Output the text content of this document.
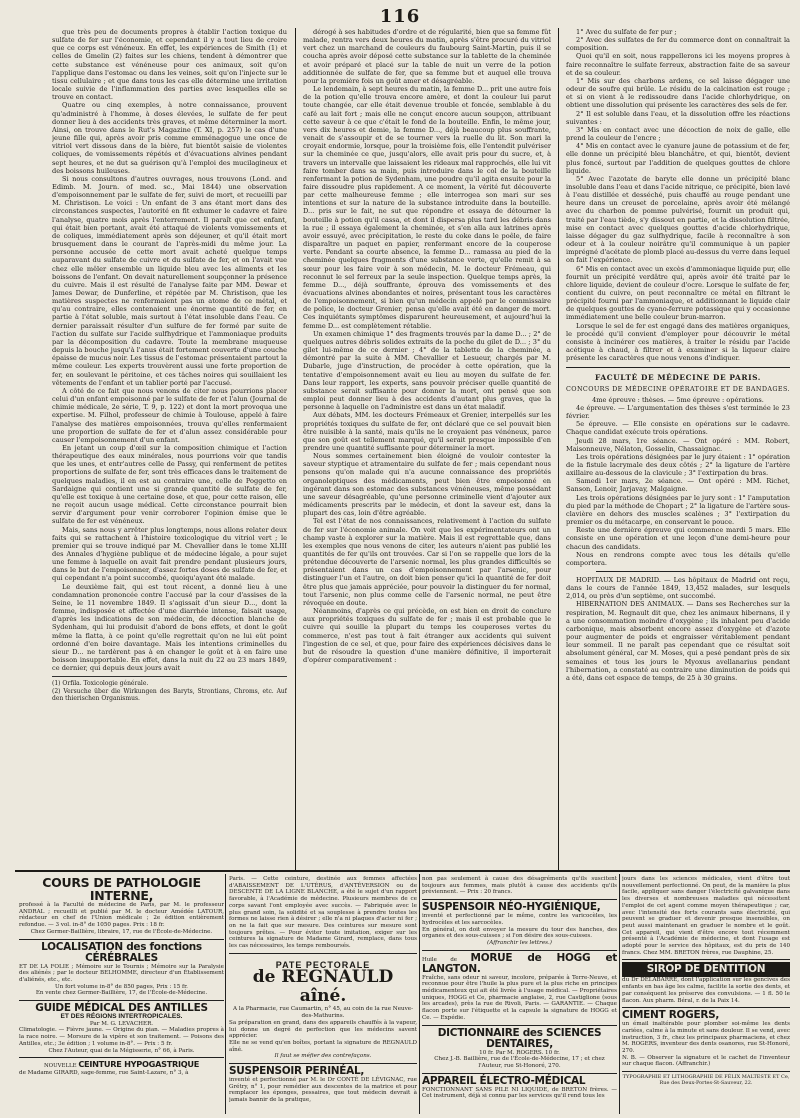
116

que très peu de documents propres à établir l'action toxique du sulfate de fer sur l'économie, et cependant il y a tout lieu de croire que ce corps est vénéneux. En effet, les expériences de Smith (1) et celles de Gmelin (2) faites sur les chiens, tendent à démontrer que cette substance est vénéneuse pour ces animaux, soit qu'on l'applique dans l'estomac ou dans les veines, soit qu'on l'injecte sur le tissu cellulaire ; et que dans tous les cas elle détermine une irritation locale suivie de l'inflammation des parties avec lesquelles elle se trouve en contact.

Quatre ou cinq exemples, à notre connaissance, prouvent qu'administré à l'homme, à doses élevées, le sulfate de fer peut donner lieu à des accidents très graves, et même déterminer la mort. Ainsi, on trouve dans le Rut's Magazine (T. XI, p. 257) le cas d'une jeune fille qui, après avoir pris comme emménagogue une once de vitriol vert dissous dans de la bière, fut bientôt saisie de violentes coliques, de vomissements répétés et d'évacuations alvines pendant sept heures, et ne dut sa guérison qu'à l'emploi des mucilagineux et des boissons huileuses.

Si nous consultons d'autres ouvrages, nous trouvons (Lond. and Edimb. M. Journ. of med. sc., Mai 1844) une observation d'empoisonnement par le sulfate de fer, suivi de mort, et recueilli par M. Christison. Le voici : Un enfant de 3 ans étant mort dans des circonstances suspectes, l'autorité en fit exhumer le cadavre et faire l'analyse, quatre mois après l'enterrement. Il paraît que cet enfant, qui était bien portant, avait été attaqué de violents vomissements et de coliques, immédiatement après son déjeuner, et qu'il était mort brusquement dans le courant de l'après-midi du même jour. La personne accusée de cette mort avait acheté quelque temps auparavant du sulfate de cuivre et du sulfate de fer, et on l'avait vue chez elle mêler ensemble un liquide bleu avec les aliments et les boissons de l'enfant. On devait naturellement soupçonner la présence du cuivre. Mais il est résulté de l'analyse faite par MM. Dewar et James Dewar, de Dunferline, et répétée par M. Christison, que les matières suspectes ne renfermaient pas un atome de ce métal, et qu'au contraire, elles contenaient une énorme quantité de fer, en partie à l'état soluble, mais surtout à l'état insoluble dans l'eau. Ce dernier paraissait résulter d'un sulfure de fer formé par suite de l'action du sulfate sur l'acide sulfhydrique et l'ammoniaque produits par la décomposition du cadavre. Toute la membrane muqueuse depuis la bouche jusqu'à l'anus était fortement couverte d'une couche épaisse de mucus noir. Les tissus de l'estomac présentaient partout la même couleur. Les experts trouvèrent aussi une forte proportion de fer, en soulevant le péritoine, et ces tâches noires qui souillaient les vêtements de l'enfant et un tablier porté par l'accusé.

A côté de ce fait que nous venons de citer nous pourrions placer celui d'un enfant empoisonné par le sulfate de fer et l'alun (Journal de chimie médicale, 2e série, T. 9, p. 122) et dont la mort provoqua une expertise. M. Filhol, professeur de chimie à Toulouse, appelé à faire l'analyse des matières empoisonnées, trouva qu'elles renfermaient une proportion de sulfate de fer et d'alun assez considérable pour causer l'empoisonnement d'un enfant.

En jetant un coup d'œil sur la composition chimique et l'action thérapeutique des eaux minérales, nous pourrions voir que tandis que les unes, et entr'autres celle de Passy, qui renferment de petites proportions de sulfate de fer, sont très efficaces dans le traitement de quelques maladies, il en est au contraire une, celle de Poggetto en Sardaigne qui contient une si grande quantité de sulfate de fer, qu'elle est toxique à une certaine dose, et que, pour cette raison, elle ne reçoit aucun usage médical. Cette circonstance pourrait bien servir d'argument pour venir corroborer l'opinion émise que le sulfate de fer est vénéneux.

Mais, sans nous y arrêter plus longtemps, nous allons relater deux faits qui se rattachent à l'histoire toxicologique du vitriol vert ; le premier qui se trouve indiqué par M. Chevallier dans le tome XLIII des Annales d'hygiène publique et de médecine légale, a pour sujet une femme à laquelle on avait fait prendre pendant plusieurs jours, dans le but de l'empoisonner, d'assez fortes doses de sulfate de fer, et qui cependant n'a point succombé, quoiqu'ayant été malade.

Le deuxième fait, qui est tout récent, a donné lieu à une condamnation prononcée contre l'accusé par la cour d'assises de la Seine, le 11 novembre 1849. Il s'agissait d'un sieur D..., dont la femme, indisposée et affectée d'une diarrhée intense, faisait usage, d'après les indications de son médecin, de décoction blanche de Sydenham, qui lui produisit d'abord de bons effets, et dont le goût même la flatta, à ce point qu'elle regrettait qu'on ne lui eût point ordonné d'en boire davantage. Mais les intentions criminelles du sieur D... ne tardèrent pas à en changer le goût et à en faire une boisson insupportable. En effet, dans la nuit du 22 au 23 mars 1849, ce dernier, qui depuis deux jours avait

(1) Orfila. Toxicologie générale.
(2) Versuche über die Wirkungen des Baryts, Strontians, Chroms, etc. Auf den thierischen Organismus.

dérogé à ses habitudes d'ordre et de régularité, bien que sa femme fût malade, rentra vers deux heures du matin, après s'être procuré du vitriol vert chez un marchand de couleurs du faubourg Saint-Martin, puis il se coucha après avoir déposé cette substance sur la tablette de la cheminée et avoir préparé et placé sur la table de nuit un verre de la potion additionnée de sulfate de fer, que sa femme but et auquel elle trouva pour la première fois un goût amer et désagréable.

Le lendemain, à sept heures du matin, la femme D... prit une autre fois de la potion qu'elle trouva encore amère, et dont la couleur lui parut toute changée, car elle était devenue trouble et foncée, semblable à du café au lait fort ; mais elle ne conçut encore aucun soupçon, attribuant cette saveur à ce que c'était le fond de la bouteille. Enfin, le même jour, vers dix heures et demie, la femme D..., déjà beaucoup plus souffrante, venait de s'assoupir et de se tourner vers la ruelle du lit. Son mari la croyait endormie, lorsque, pour la troisième fois, elle l'entendit pulvériser sur la cheminée ce que, jusqu'alors, elle avait pris pour du sucre, et, à travers un intervalle que laissaient les rideaux mal rapprochés, elle lui vit faire tomber dans sa main, puis introduire dans le col de la bouteille renfermant la potion de Sydenham, une poudre qu'il agita ensuite pour la faire dissoudre plus rapidement. A ce moment, la vérité fut découverte par cette malheureuse femme ; elle interrogea son mari sur ses intentions et sur la nature de la substance introduite dans la bouteille. D... pris sur le fait, ne sut que répondre et essaya de détourner la bouteille à potion qu'il cassa, et dont il dispersa plus tard les débris dans la rue ; il essaya également la cheminée, et s'en alla aux latrines après avoir essuyé, avec précipitation, le reste du coke dans le poêle, de faire disparaître un paquet en papier, renfermant encore de la couperose verte. Pendant sa courte absence, la femme D... ramassa au pied de la cheminée quelques fragments d'une substance verte, qu'elle remit à sa sœur pour les faire voir à son médecin, M. le docteur Frémeau, qui reconnut le sel ferreux par la seule inspection. Quelque temps après, la femme D..., déjà souffrante, éprouva des vomissements et des évacuations alvines abondantes et noires, présentant tous les caractères de l'empoisonnement, si bien qu'un médecin appelé par le commissaire de police, le docteur Grenier, pensa qu'elle avait été en danger de mort. Ces inquiétants symptômes disparurent heureusement, et aujourd'hui la femme D... est complètement rétablie.

Un examen chimique 1° des fragments trouvés par la dame D... ; 2° de quelques autres débris solides extraits de la poche du gilet de D... ; 3° du gilet lui-même de ce dernier ; 4° de la tablette de la cheminée, a démontré par la suite à MM. Chevallier et Lesueur, chargés par M. Dubarle, juge d'instruction, de procéder à cette opération, que la tentative d'empoisonnement avait eu lieu au moyen du sulfate de fer. Dans leur rapport, les experts, sans pouvoir préciser quelle quantité de substance serait suffisante pour donner la mort, ont pensé que son emploi peut donner lieu à des accidents d'autant plus graves, que la personne à laquelle on l'administre est dans un état maladif.

Aux débats, MM. les docteurs Frémeaux et Grenier, interpellés sur les propriétés toxiques du sulfate de fer, ont déclaré que ce sel pouvait bien être nuisible à la santé, mais qu'ils ne le croyaient pas vénéneux, parce que son goût est tellement marqué, qu'il serait presque impossible d'en prendre une quantité suffisante pour déterminer la mort.

Nous sommes certainement bien éloigné de vouloir contester la saveur styptique et atramentaire du sulfate de fer ; mais cependant nous pensons qu'on malade qui n'a aucune connaissance des propriétés organoleptiques des médicaments, peut bien être empoisonné en ingérant dans son estomac des substances vénéneuses, même possédant une saveur désagréable, qu'une personne criminelle vient d'ajouter aux médicaments prescrits par le médecin, et dont la saveur est, dans la plupart des cas, loin d'être agréable.

Tel est l'état de nos connaissances, relativement à l'action du sulfate de fer sur l'économie animale. On voit que les expérimentateurs ont un champ vaste à explorer sur la matière. Mais il est regrettable que, dans les exemples que nous venons de citer, les auteurs n'aient pas publié les quantités de fer qu'ils ont trouvées. Car si l'on se rappelle que lors de la prétendue découverte de l'arsenic normal, les plus grandes difficultés se présentaient dans un cas d'empoisonnement par l'arsenic, pour distinguer l'un et l'autre, on doit bien penser qu'ici la quantité de fer doit être plus que jamais appréciée, pour pouvoir la distinguer du fer normal, tout l'arsenic, non plus comme celle de l'arsenic normal, ne peut être révoquée en doute.

Néanmoins, d'après ce qui précède, on est bien en droit de conclure aux propriétés toxiques du sulfate de fer ; mais il est probable que le cuivre qui souille la plupart du temps les couperoses vertes du commerce, n'est pas tout à fait étranger aux accidents qui suivent l'ingestion de ce sel, et que, pour faire des expériences décisives dans le but de résoudre la question d'une manière définitive, il importerait d'opérer comparativement :

1° Avec du sulfate de fer pur ;

2° Avec des sulfates de fer du commerce dont on connaîtrait la composition.

Quoi qu'il en soit, nous rappellerons ici les moyens propres à faire reconnaître le sulfate ferreux, abstraction faite de sa saveur et de sa couleur.

1° Mis sur des charbons ardens, ce sel laisse dégager une odeur de soufre qui brûle. Le résidu de la calcination est rouge ; et si on vient à le redissoudre dans l'acide chlorhydrique, on obtient une dissolution qui présente les caractères des sels de fer.

2° Il est soluble dans l'eau, et la dissolution offre les réactions suivantes :

3° Mis en contact avec une décoction de noix de galle, elle prend la couleur de l'encre ;

4° Mis en contact avec le cyanure jaune de potassium et de fer, elle donne un précipité bleu blanchâtre, et qui, bientôt, devient plus foncé, surtout par l'addition de quelques gouttes de chlore liquide.

5° Avec l'azotate de baryte elle donne un précipité blanc insoluble dans l'eau et dans l'acide nitrique, ce précipité, bien lavé à l'eau distillée et desséché, puis chauffé au rouge pendant une heure dans un creuset de porcelaine, après avoir été mélangé avec du charbon de pomme pulvérisé, fournit un produit qui, traité par l'eau tiède, s'y dissout en partie, et la dissolution filtrée, mise en contact avec quelques gouttes d'acide chlorhydrique, laisse dégager du gaz sulfhydrique, facile à reconnaître à son odeur et à la couleur noirâtre qu'il communique à un papier imprégné d'acétate de plomb placé au-dessus du verre dans lequel on fait l'expérience.

6° Mis en contact avec un excès d'ammoniaque liquide pur, elle fournit un précipité verdâtre qui, après avoir été traité par le chlore liquide, devient de couleur d'ocre. Lorsque le sulfate de fer, contient du cuivre, on peut reconnaître ce métal en filtrant le précipité fourni par l'ammoniaque, et additionnant le liquide clair de quelques gouttes de cyano-ferrure potassique qui y occasionne immédiatement une belle couleur brun-marron.

Lorsque le sel de fer est engagé dans des matières organiques, le procédé qu'il convient d'employer pour découvrir le métal consiste à incinérer ces matières, à traiter le résidu par l'acide acétique à chaud, à filtrer et à examiner si la liqueur claire présente les caractères que nous venons d'indiquer.

FACULTÉ DE MÉDECINE DE PARIS.
CONCOURS DE MÉDECINE OPÉRATOIRE ET DE BANDAGES.

4me épreuve : thèses. — 5me épreuve : opérations.

4e épreuve. — L'argumentation des thèses s'est terminée le 23 février.

5e épreuve. — Elle consiste en opérations sur le cadavre. Chaque candidat exécute trois opérations.

Jeudi 28 mars, 1re séance. — Ont opéré : MM. Robert, Maisonneuve, Nélaton, Gosselin, Chassaignac.

Les trois opérations désignées par le jury étaient : 1° opération de la fistule lacrymale des deux côtés ; 2° la ligature de l'artère axillaire au-dessous de la clavicule ; 3° l'extirpation du bras.

Samedi 1er mars, 2e séance. — Ont opéré : MM. Richet, Sanson, Lenoir, Jarjavay, Malgaigne.

Les trois opérations désignées par le jury sont : 1° l'amputation du pied par la méthode de Chopart ; 2° la ligature de l'artère sous-clavière en dehors des muscles scalènes ; 3° l'extirpation du premier os du métacarpe, en conservant le pouce.

Reste une dernière épreuve qui commence mardi 5 mars. Elle consiste en une opération et une leçon d'une demi-heure pour chacun des candidats.

Nous en rendrons compte avec tous les détails qu'elle comportera.

HOPITAUX DE MADRID. — Les hôpitaux de Madrid ont reçu, dans le cours de l'année 1849, 13,452 malades, sur lesquels 2,014, ou près d'un septième, ont succombé.

HIBERNATION DES ANIMAUX. — Dans ses Recherches sur la respiration, M. Regnault dit que, chez les animaux hibernans, il y a une consommation moindre d'oxygène ; ils inhalent peu d'acide carbonique, mais absorbent encore assez d'oxygène et d'azote pour augmenter de poids et engraisser véritablement pendant leur sommeil. Il ne paraît pas cependant que ce résultat soit absolument général, car M. Moses, qui a pesé pendant près de six semaines et tous les jours le Myoxus avellanarius pendant l'hibernation, a constaté au contraire une diminution de poids qui a été, dans cet espace de temps, de 25 à 30 grains.

COURS DE PATHOLOGIE INTERNE,
professé à la Faculté de médecine de Paris, par M. le professeur ANDRAL ; recueilli et publié par M. le docteur Amédée LATOUR, rédacteur en chef de l'Union médicale ; 2e édition entièrement refondue. — 3 vol. in-8° de 1050 pages. Prix : 18 fr.
Chez Germer-Baillière, libraire, 17, rue de l'École-de-Médecine.
LOCALISATION des fonctions CÉRÉBRALES
ET DE LA FOLIE ; Mémoire sur le Tournis ; Mémoire sur la Paralysie des aliénés ; par le docteur BELHOMME, directeur d'un Établissement d'aliénés, etc., etc.
Un fort volume in-8° de 850 pages. Prix : 15 fr.
En vente chez Germer-Baillière, 17, de l'École-de-Médecine.
GUIDE MÉDICAL DES ANTILLES
ET DES RÉGIONS INTERTROPICALES.
Par M. G. LEVACHER.
Climatologie. — Fièvre jaune. — Origine du pian. — Maladies propres à la race noire. — Morsure de la vipère et son traitement. — Poisons des Antilles, etc.; 3e édition ; 1 volume in-8°. — Prix : 5 fr.
Chez l'Auteur, quai de la Mégisserie, n° 66, à Paris.
NOUVELLE CEINTURE HYPOGASTRIQUE
de Madame GIRARD, sage-femme, rue Saint-Lazare, n° 3, à
Paris. — Cette ceinture, destinée aux femmes affectées d'ABAISSEMENT DE L'UTÉRUS, d'ANTÉVERSION ou de DESCENTE DE LA LIGNE BLANCHE, a été le sujet d'un rapport favorable, à l'Académie de médecine. Plusieurs membres de ce corps savant l'ont employée avec succès. — Fabriquée avec le plus grand soin, la solidité et sa souplesse à prendre toutes les formes ne laisse rien à désirer ; elle n'a ni plaques d'acier ni fer ; on ne la fait que sur mesure. Des ceintures sur mesure sont toujours prêtes. — Pour éviter toute imitation, exiger sur les ceintures la signature de Madame Girard, remplace, dans tous les cas nécessaires, les temps remboursés.
PATE PECTORALE
de REGNAULD aîné.
A la Pharmacie, rue Caumartin, n° 45, au coin de la rue Neuve-des-Mathurins.
Sa préparation en grand, dans des appareils chauffés à la vapeur, lui donne un degré de perfection que les médecins savent apprécier.
Elle ne se vend qu'en boîtes, portant la signature de REGNAULD aîné.
Il faut se méfier des contrefaçons.
SUSPENSOIR PERINÉAL,
inventé et perfectionné par M. le Dr CONTÉ DE LÉVIGNAC, rue Grétry, n° 1, pour remédier aux descentes de la matrice et pour remplacer les éponges, pessaires, que tout médecin devrait à jamais bannir de la pratique,
non pas seulement à cause des désagréments qu'ils suscitent toujours aux femmes, mais plutôt à cause des accidents qu'ils préviennent. — Prix : 20 francs.
SUSPENSOIR NÉO-HYGIÉNIQUE,
inventé et perfectionné par le même, contre les varicocèles, les hydrocèles et les sarcocèles.
En général, on doit envoyer la mesure du tour des hanches, des organes et des sous-cuisses ; si l'on désire des sous-cuisses.
(Affranchir les lettres.)
Huile de MORUE de HOGG et LANGTON.
Fraîche, sans odeur ni saveur, incolore, préparée à Terre-Neuve, et reconnue pour être l'huile la plus pure et la plus riche en principes médicamenteux qui ait été livrée à l'usage médical. — Propriétaires uniques, HOGG et Ce, pharmacie anglaise, 2, rue Castiglione (sous les arcades), près la rue de Rivoli, Paris. — GARANTIE. — Chaque flacon porte sur l'étiquette et la capsule la signature de HOGG et Ce. — Expédie.
DICTIONNAIRE des SCIENCES DENTAIRES,
10 fr. Par M. ROGERS. 10 fr.
Chez J.-B. Baillière, rue de l'École-de-Médecine, 17 ; et chez l'Auteur, rue St-Honoré, 270.
APPAREIL ÉLECTRO-MÉDICAL
FONCTIONNANT SANS PILE NI LIQUIDE, de BRETON frères. — Cet instrument, déjà si connu par les services qu'il rend tous les
jours dans les sciences médicales, vient d'être tout nouvellement perfectionné. On peut, de la manière la plus facile, appliquer sans danger l'électricité galvanique dans les diverses et nombreuses maladies qui nécessitent l'emploi de cet agent comme moyen thérapeutique ; car, avec l'intensité des forts courants sans électricité, qui peuvent se graduer et devenir presque insensibles, on peut aussi maintenant en graduer le nombre et le goût. Cet appareil, qui vient d'être encore tout récemment présenté à l'Académie de médecine, et dont l'usage est adopté pour le service des hôpitaux, est du prix de 140 francs. Chez MM. BRETON frères, rue Dauphine, 25.
SIROP DE DENTITION
du Dr DELABARRE, dont l'application sur les gencives des enfants en bas âge les calme, facilite la sortie des dents, et par conséquent les préserve des convulsions. — 1 fl. 50 le flacon. Aux pharm. Béral, r. de la Paix 14.
CIMENT ROGERS,
un émail inaltérable pour plomber soi-même les dents cariées, calme à la minute et sans douleur. Il se vend, avec instruction, 3 fr., chez les principaux pharmaciens, et chez M. ROGERS, inventeur des dents osanores, rue St-Honoré, 270.
N. B. — Observer la signature et le cachet de l'inventeur sur chaque flacon. (Affranchir.)
TYPOGRAPHIE ET LITHOGRAPHIE DE FÉLIX MALTESTE ET Ce, Rue des Deux-Portes-St-Sauveur, 22.
